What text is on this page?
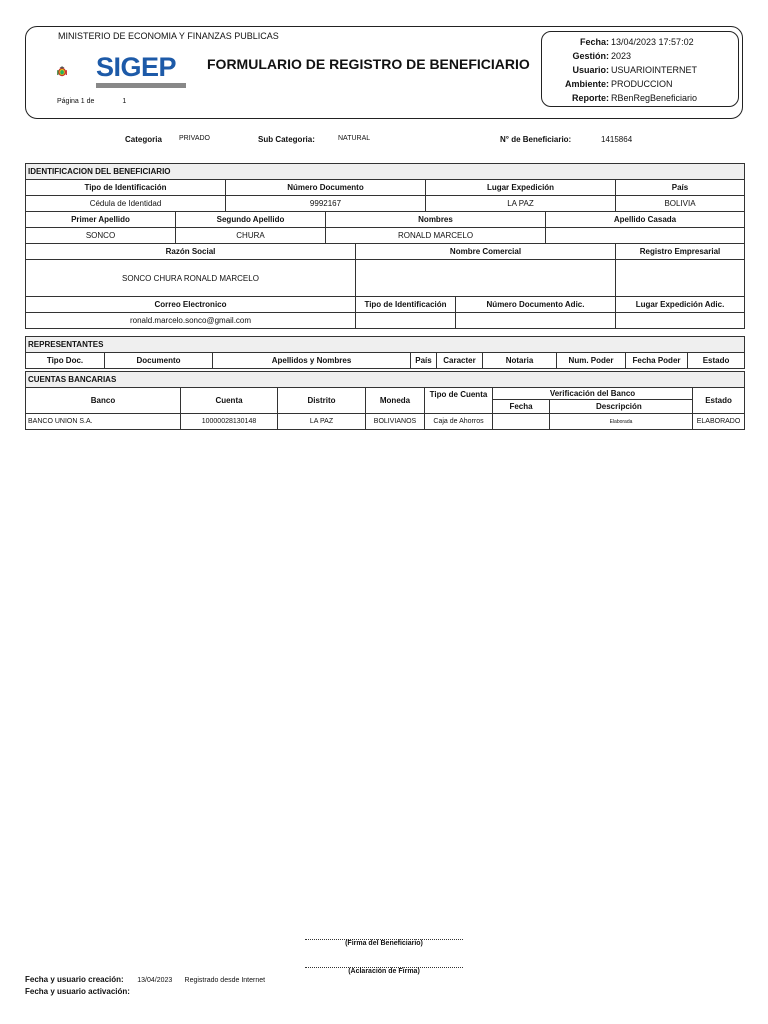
MINISTERIO DE ECONOMIA Y FINANZAS PUBLICAS
SIGEP FORMULARIO DE REGISTRO DE BENEFICIARIO
Página 1 de	1
Fecha: 13/04/2023 17:57:02
Gestión: 2023
Usuario: USUARIOINTERNET
Ambiente: PRODUCCION
Reporte: RBenRegBeneficiario
Categoria PRIVADO	Sub Categoria:	NATURAL	N° de Beneficiario:	1415864
IDENTIFICACION DEL BENEFICIARIO								
Tipo de Identificación		Número Documento			Lugar Expedición			País
Cédula de Identidad		9992167			LA PAZ			BOLIVIA
Primer Apellido	Segundo Apellido		Nombres				Apellido Casada	
SONCO	CHURA		RONALD MARCELO					
Razón Social				Nombre Comercial				Registro Empresarial
SONCO CHURA RONALD MARCELO								
Correo Electronico				Tipo de Identificación		Número Documento Adic.		Lugar Expedición Adic.
ronald.marcelo.sonco@gmail.com								
REPRESENTANTES
Tipo Doc.	Documento	Apellidos y Nombres	País	Caracter	Notaria	Num. Poder	Fecha Poder	Estado
CUENTAS BANCARIAS							
Banco	Cuenta	Distrito	Moneda	Tipo de Cuenta	Verificación del Banco		Estado
					Fecha	Descripción	
BANCO UNION S.A.	10000028130148	LA PAZ	BOLIVIANOS	Caja de Ahorros		Elaborada	ELABORADO
(Firma del Beneficiario)
(Aclaración de Firma)
Fecha y usuario creación: 13/04/2023 Registrado desde Internet
Fecha y usuario activación:
